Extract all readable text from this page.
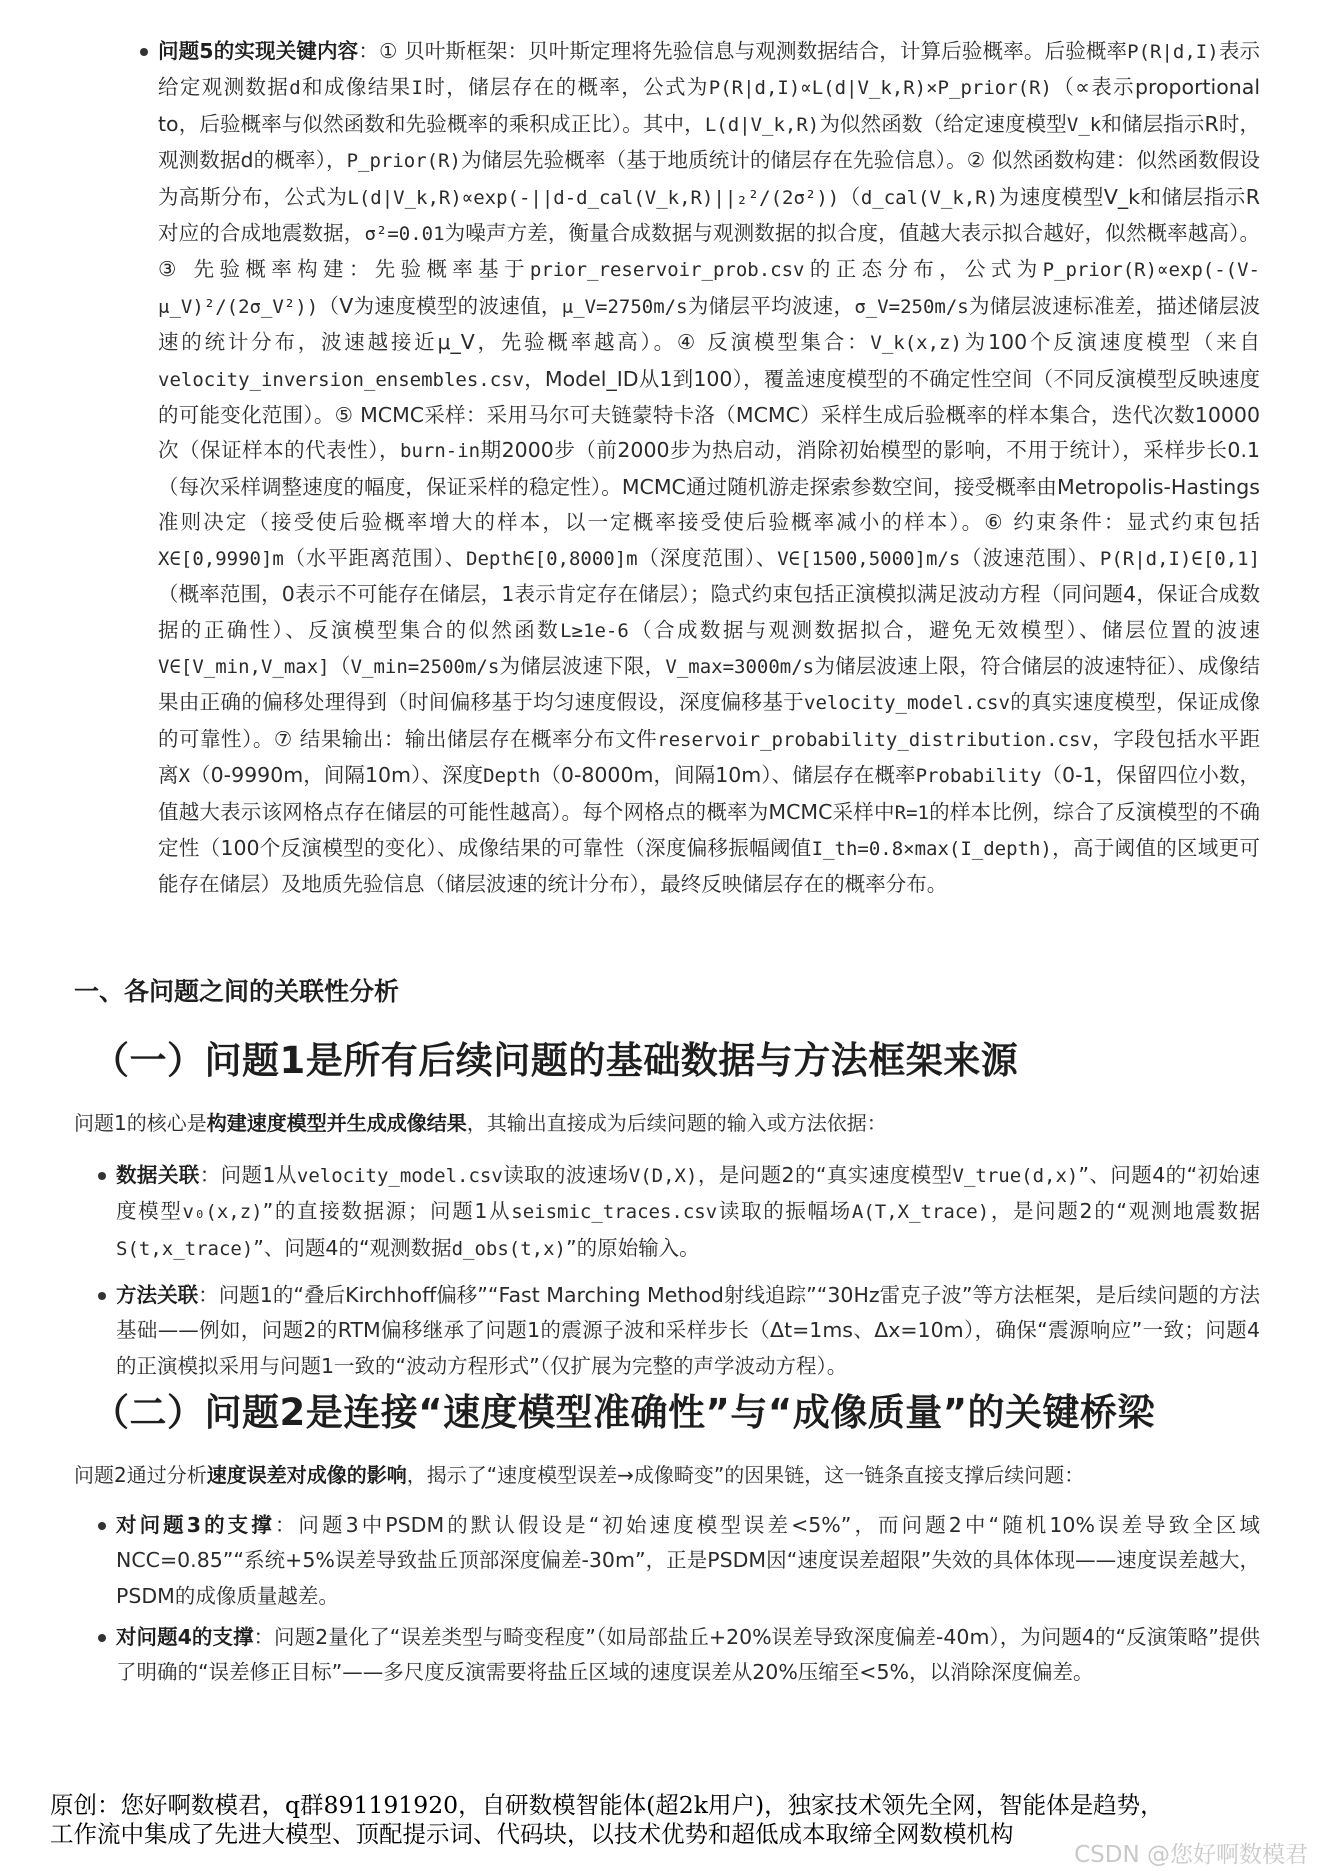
问题5的实现关键内容：① 贝叶斯框架：贝叶斯定理将先验信息与观测数据结合，计算后验概率。后验概率P(R|d,I)表示给定观测数据d和成像结果I时，储层存在的概率，公式为P(R|d,I)∝L(d|V_k,R)×P_prior(R)（∝表示proportional to，后验概率与似然函数和先验概率的乘积成正比）。其中，L(d|V_k,R)为似然函数（给定速度模型V_k和储层指示R时，观测数据d的概率），P_prior(R)为储层先验概率（基于地质统计的储层存在先验信息）。② 似然函数构建：似然函数假设为高斯分布，公式为L(d|V_k,R)∝exp(-||d-d_cal(V_k,R)||₂²/(2σ²))（d_cal(V_k,R)为速度模型V_k和储层指示R对应的合成地震数据，σ²=0.01为噪声方差，衡量合成数据与观测数据的拟合度，值越大表示拟合越好，似然概率越高）。③ 先验概率构建：先验概率基于prior_reservoir_prob.csv的正态分布，公式为P_prior(R)∝exp(-(V-μ_V)²/(2σ_V²))（V为速度模型的波速值，μ_V=2750m/s为储层平均波速，σ_V=250m/s为储层波速标准差，描述储层波速的统计分布，波速越接近μ_V，先验概率越高）。④ 反演模型集合：V_k(x,z)为100个反演速度模型（来自velocity_inversion_ensembles.csv，Model_ID从1到100），覆盖速度模型的不确定性空间（不同反演模型反映速度的可能变化范围）。⑤ MCMC采样：采用马尔可夫链蒙特卡洛（MCMC）采样生成后验概率的样本集合，迭代次数10000次（保证样本的代表性），burn-in期2000步（前2000步为热启动，消除初始模型的影响，不用于统计），采样步长0.1（每次采样调整速度的幅度，保证采样的稳定性）。MCMC通过随机游走探索参数空间，接受概率由Metropolis-Hastings准则决定（接受使后验概率增大的样本，以一定概率接受使后验概率减小的样本）。⑥ 约束条件：显式约束包括X∈[0,9990]m（水平距离范围）、Depth∈[0,8000]m（深度范围）、V∈[1500,5000]m/s（波速范围）、P(R|d,I)∈[0,1]（概率范围，0表示不可能存在储层，1表示肯定存在储层）；隐式约束包括正演模拟满足波动方程（同问题4，保证合成数据的正确性）、反演模型集合的似然函数L≥1e-6（合成数据与观测数据拟合，避免无效模型）、储层位置的波速V∈[V_min,V_max]（V_min=2500m/s为储层波速下限，V_max=3000m/s为储层波速上限，符合储层的波速特征）、成像结果由正确的偏移处理得到（时间偏移基于均匀速度假设，深度偏移基于velocity_model.csv的真实速度模型，保证成像的可靠性）。⑦ 结果输出：输出储层存在概率分布文件reservoir_probability_distribution.csv，字段包括水平距离X（0-9990m，间隔10m）、深度Depth（0-8000m，间隔10m）、储层存在概率Probability（0-1，保留四位小数，值越大表示该网格点存在储层的可能性越高）。每个网格点的概率为MCMC采样中R=1的样本比例，综合了反演模型的不确定性（100个反演模型的变化）、成像结果的可靠性（深度偏移振幅阈值I_th=0.8×max(I_depth)，高于阈值的区域更可能存在储层）及地质先验信息（储层波速的统计分布），最终反映储层存在的概率分布。
一、各问题之间的关联性分析
（一）问题1是所有后续问题的基础数据与方法框架来源

问题1的核心是构建速度模型并生成成像结果，其输出直接成为后续问题的输入或方法依据：

数据关联：问题1从velocity_model.csv读取的波速场V(D,X)，是问题2的“真实速度模型V_true(d,x)”、问题4的“初始速度模型v₀(x,z)”的直接数据源；问题1从seismic_traces.csv读取的振幅场A(T,X_trace)，是问题2的“观测地震数据S(t,x_trace)”、问题4的“观测数据d_obs(t,x)”的原始输入。
方法关联：问题1的“叠后Kirchhoff偏移”“Fast Marching Method射线追踪”“30Hz雷克子波”等方法框架，是后续问题的方法基础——例如，问题2的RTM偏移继承了问题1的震源子波和采样步长（Δt=1ms、Δx=10m），确保“震源响应”一致；问题4的正演模拟采用与问题1一致的“波动方程形式”（仅扩展为完整的声学波动方程）。
（二）问题2是连接“速度模型准确性”与“成像质量”的关键桥梁

问题2通过分析速度误差对成像的影响，揭示了“速度模型误差→成像畸变”的因果链，这一链条直接支撑后续问题：

对问题3的支撑：问题3中PSDM的默认假设是“初始速度模型误差<5%”，而问题2中“随机10%误差导致全区域NCC=0.85”“系统+5%误差导致盐丘顶部深度偏差-30m”，正是PSDM因“速度误差超限”失效的具体体现——速度误差越大，PSDM的成像质量越差。
对问题4的支撑：问题2量化了“误差类型与畸变程度”（如局部盐丘+20%误差导致深度偏差-40m），为问题4的“反演策略”提供了明确的“误差修正目标”——多尺度反演需要将盐丘区域的速度误差从20%压缩至<5%，以消除深度偏差。

原创：您好啊数模君，q群891191920，自研数模智能体(超2k用户)，独家技术领先全网，智能体是趋势，
工作流中集成了先进大模型、顶配提示词、代码块，以技术优势和超低成本取缔全网数模机构

CSDN @您好啊数模君
